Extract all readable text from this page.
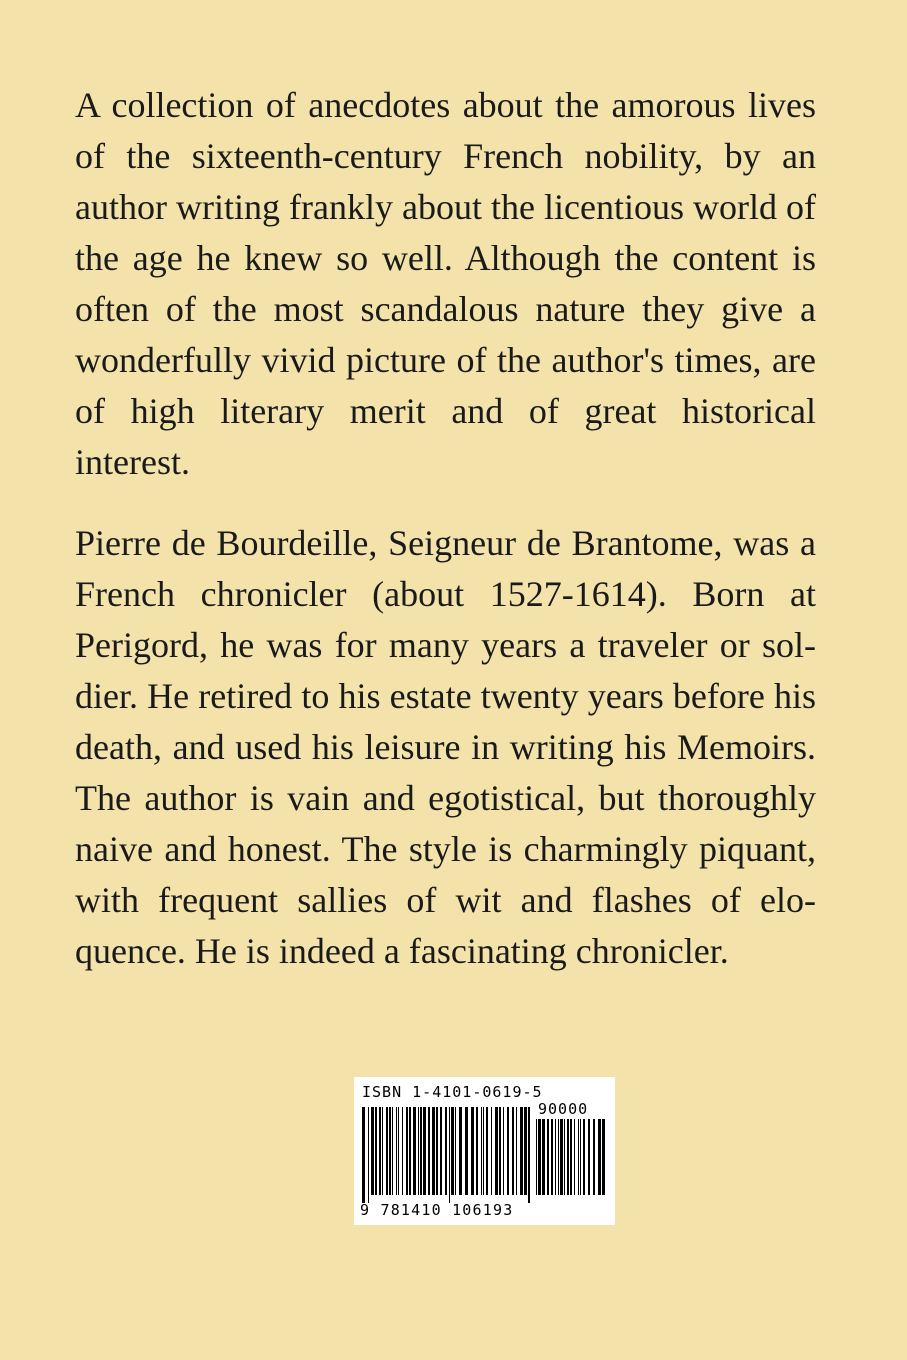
A collection of anecdotes about the amorous lives of the sixteenth-century French nobility, by an author writing frankly about the licentious world of the age he knew so well. Although the content is often of the most scandalous nature they give a wonderfully vivid picture of the author's times, are of high literary merit and of great historical interest.

Pierre de Bourdeille, Seigneur de Brantome, was a French chronicler (about 1527-1614). Born at Perigord, he was for many years a traveler or soldier. He retired to his estate twenty years before his death, and used his leisure in writing his Memoirs. The author is vain and egotistical, but thoroughly naive and honest. The style is charmingly piquant, with frequent sallies of wit and flashes of eloquence. He is indeed a fascinating chronicler.

ISBN 1-4101-0619-5
90000
9 781410 106193
